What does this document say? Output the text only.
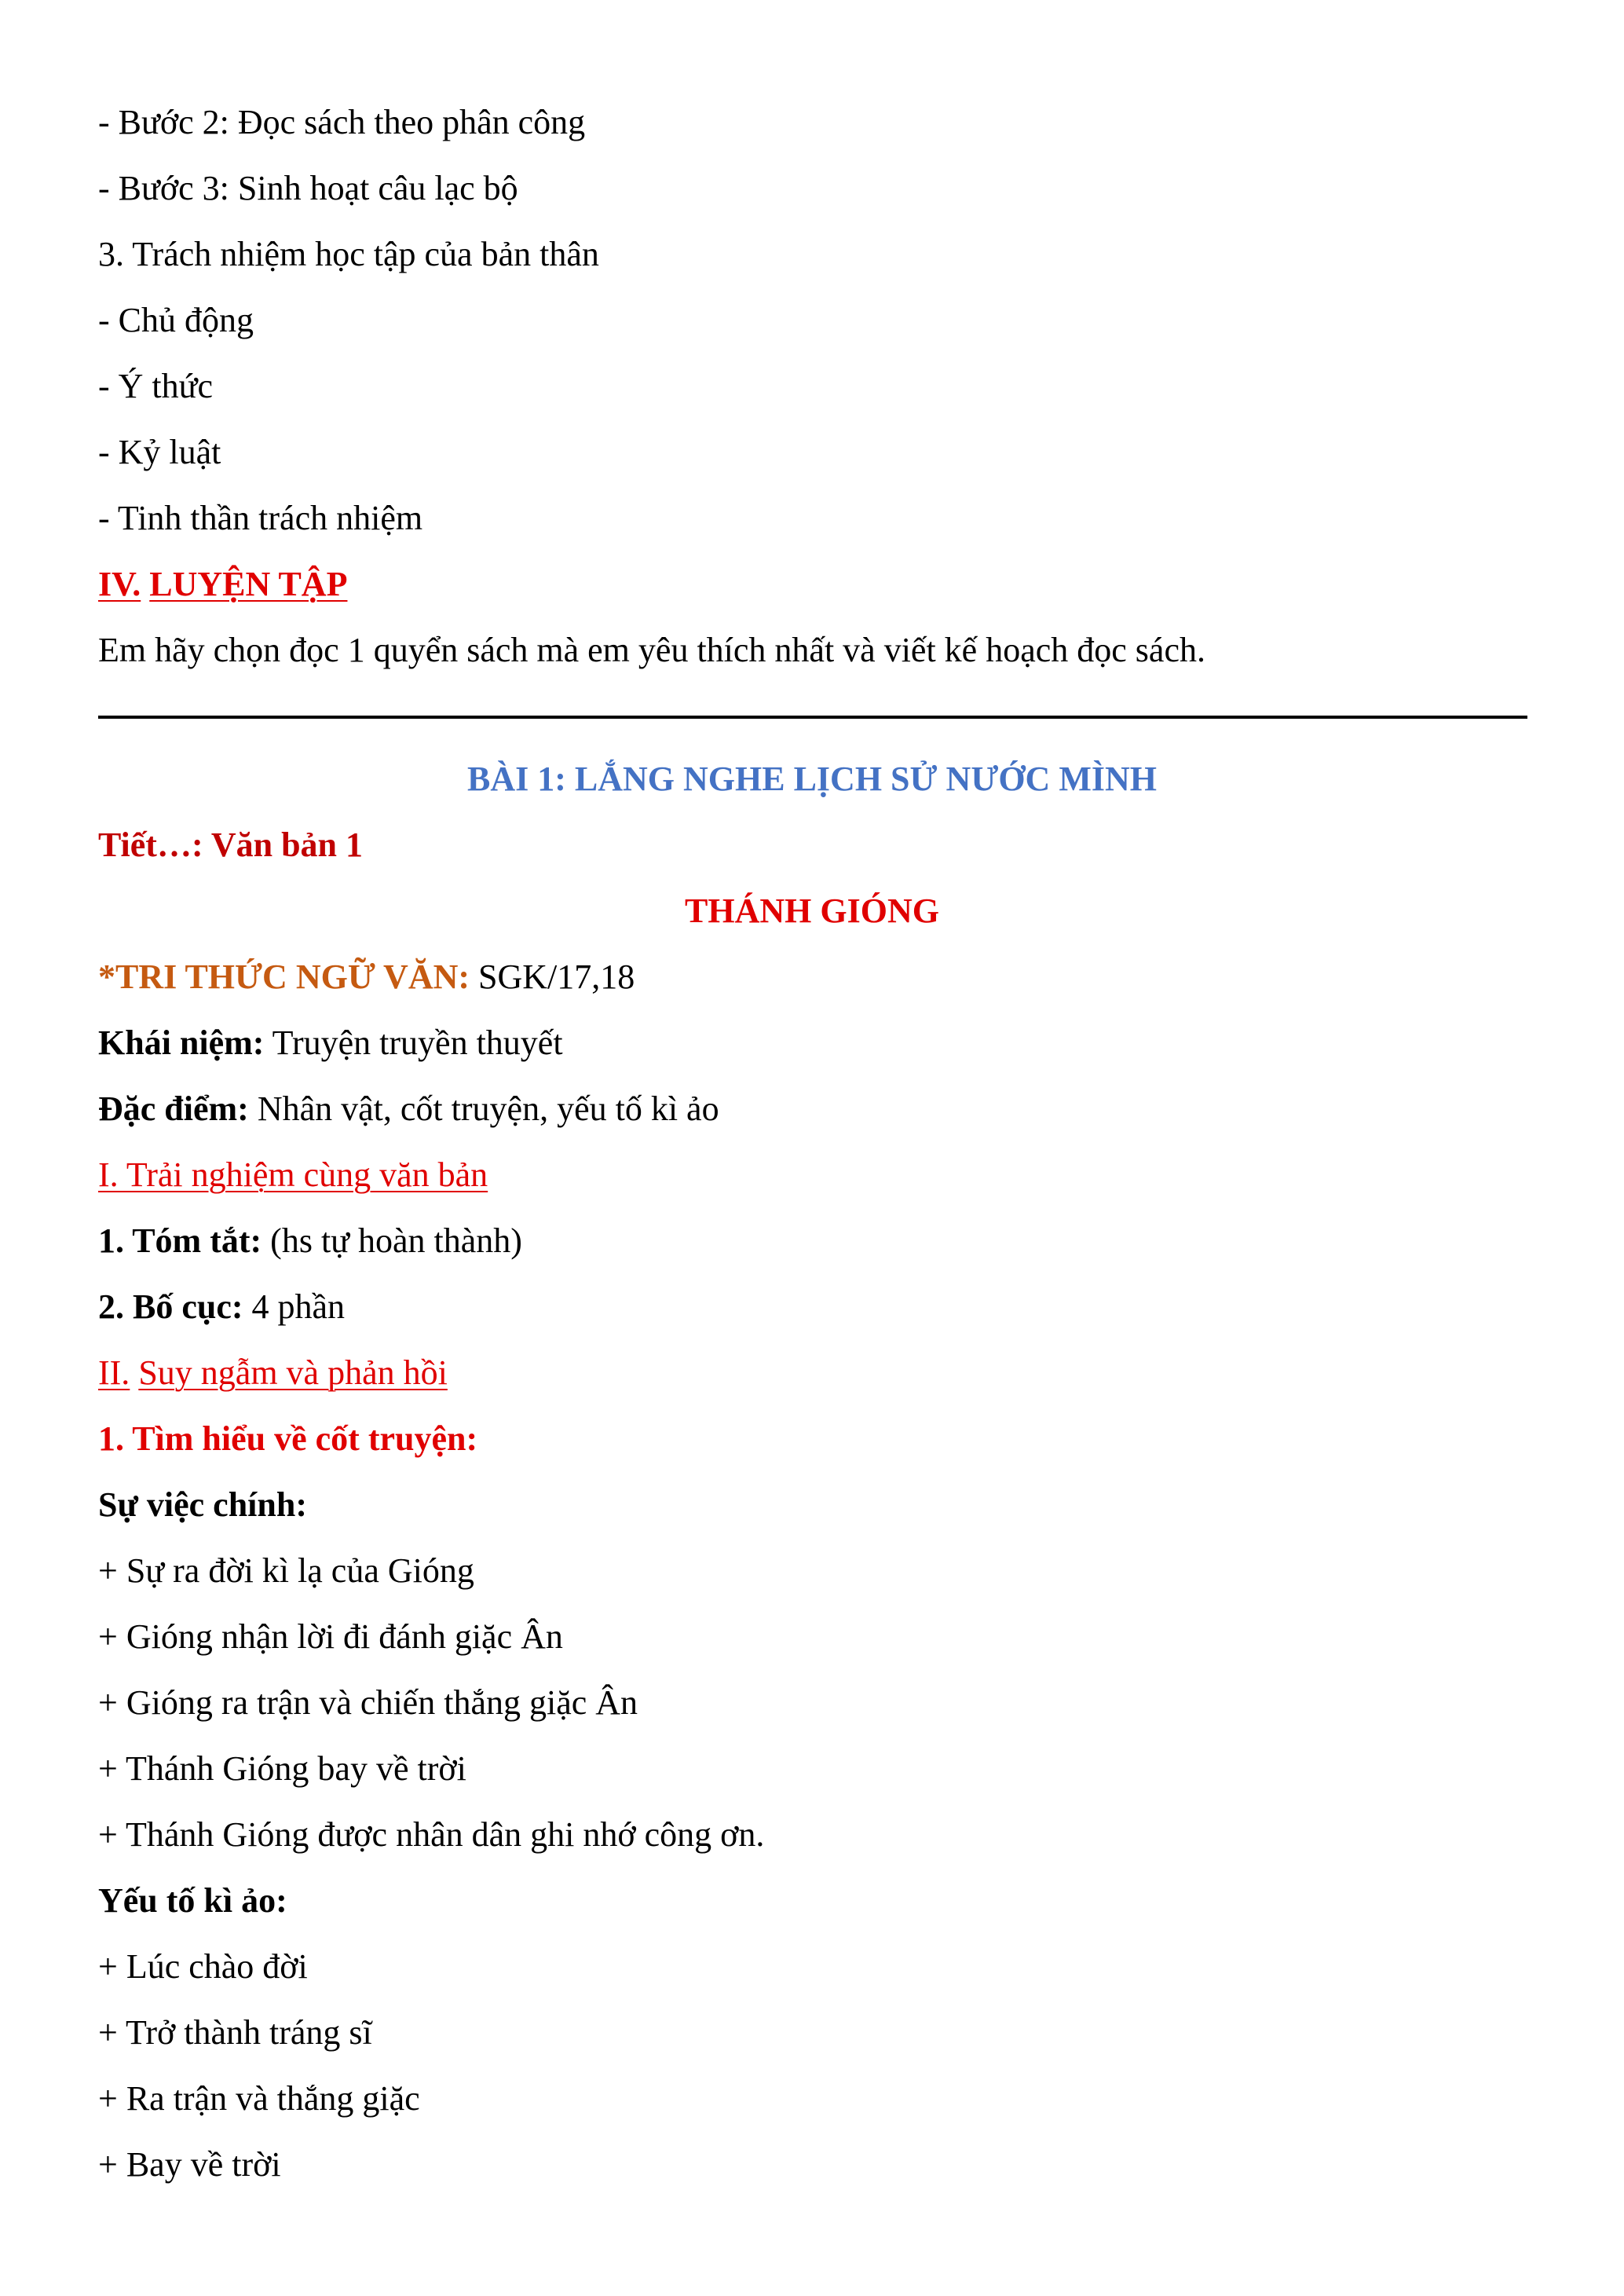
- Bước 2: Đọc sách theo phân công
- Bước 3: Sinh hoạt câu lạc bộ
3. Trách nhiệm học tập của bản thân
- Chủ động
- Ý thức
- Kỷ luật
- Tinh thần trách nhiệm
IV. LUYỆN TẬP
Em hãy chọn đọc 1 quyển sách mà em yêu thích nhất và viết kế hoạch đọc sách.
BÀI 1: LẮNG NGHE LỊCH SỬ NƯỚC MÌNH
Tiết…: Văn bản 1
THÁNH GIÓNG
*TRI THỨC NGỮ VĂN: SGK/17,18
Khái niệm: Truyện truyền thuyết
Đặc điểm: Nhân vật, cốt truyện, yếu tố kì ảo
I. Trải nghiệm cùng văn bản
1. Tóm tắt: (hs tự hoàn thành)
2. Bố cục: 4 phần
II. Suy ngẫm và phản hồi
1. Tìm hiểu về cốt truyện:
Sự việc chính:
+ Sự ra đời kì lạ của Gióng
+ Gióng nhận lời đi đánh giặc Ân
+ Gióng ra trận và chiến thắng giặc Ân
+ Thánh Gióng bay về trời
+ Thánh Gióng được nhân dân ghi nhớ công ơn.
Yếu tố kì ảo:
+ Lúc chào đời
+ Trở thành tráng sĩ
+ Ra trận và thắng giặc
+ Bay về trời
